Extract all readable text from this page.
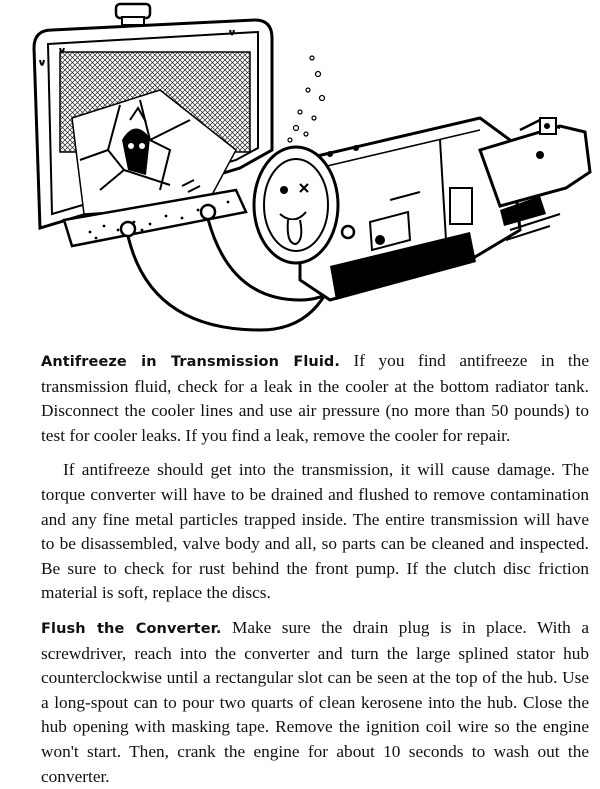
Antifreeze in Transmission Fluid. If you find antifreeze in the transmission fluid, check for a leak in the cooler at the bottom radiator tank. Disconnect the cooler lines and use air pressure (no more than 50 pounds) to test for cooler leaks. If you find a leak, remove the cooler for repair.

If antifreeze should get into the transmission, it will cause damage. The torque converter will have to be drained and flushed to remove contamination and any fine metal particles trapped inside. The entire transmission will have to be disassembled, valve body and all, so parts can be cleaned and inspected. Be sure to check for rust behind the front pump. If the clutch disc friction material is soft, replace the discs.

Flush the Converter. Make sure the drain plug is in place. With a screwdriver, reach into the converter and turn the large splined stator hub counterclockwise until a rectangular slot can be seen at the top of the hub. Use a long-spout can to pour two quarts of clean kerosene into the hub. Close the hub opening with masking tape. Remove the ignition coil wire so the engine won't start. Then, crank the engine for about 10 seconds to wash out the converter.
